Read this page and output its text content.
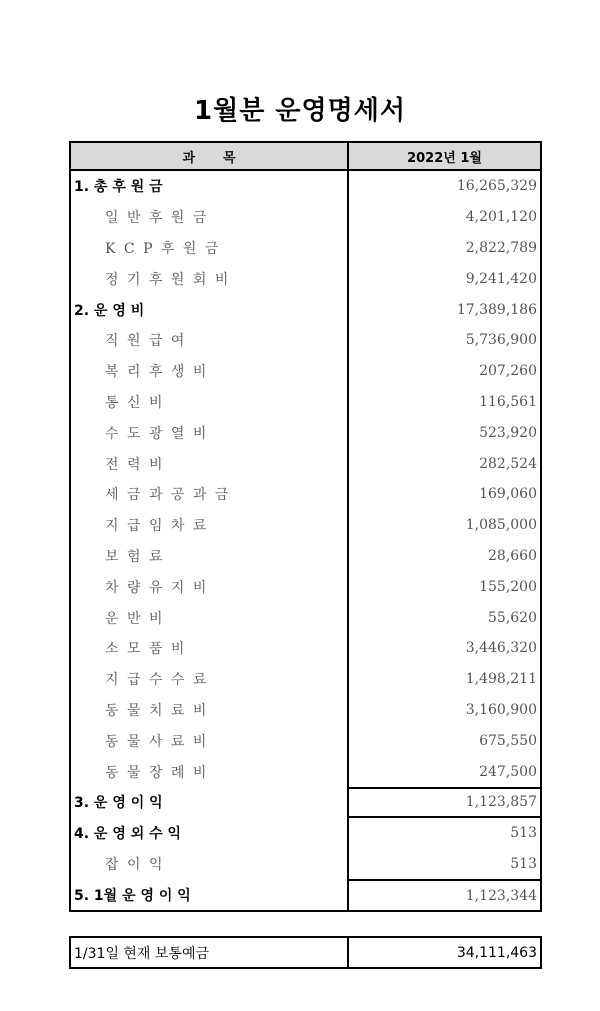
1월분 운영명세서
과목	2022년 1월
1. 총 후 원 금	16,265,329
일 반 후 원 금	4,201,120
K C P 후 원 금	2,822,789
정 기 후 원 회 비	9,241,420
2. 운 영 비	17,389,186
직 원 급 여	5,736,900
복 리 후 생 비	207,260
통 신 비	116,561
수 도 광 열 비	523,920
전 력 비	282,524
세 금 과 공 과 금	169,060
지 급 임 차 료	1,085,000
보 험 료	28,660
차 량 유 지 비	155,200
운 반 비	55,620
소 모 품 비	3,446,320
지 급 수 수 료	1,498,211
동 물 치 료 비	3,160,900
동 물 사 료 비	675,550
동 물 장 례 비	247,500
3. 운 영 이 익	1,123,857
4. 운 영 외 수 익	513
잡 이 익	513
5. 1월 운 영 이 익	1,123,344
1/31일 현재 보통예금	34,111,463
